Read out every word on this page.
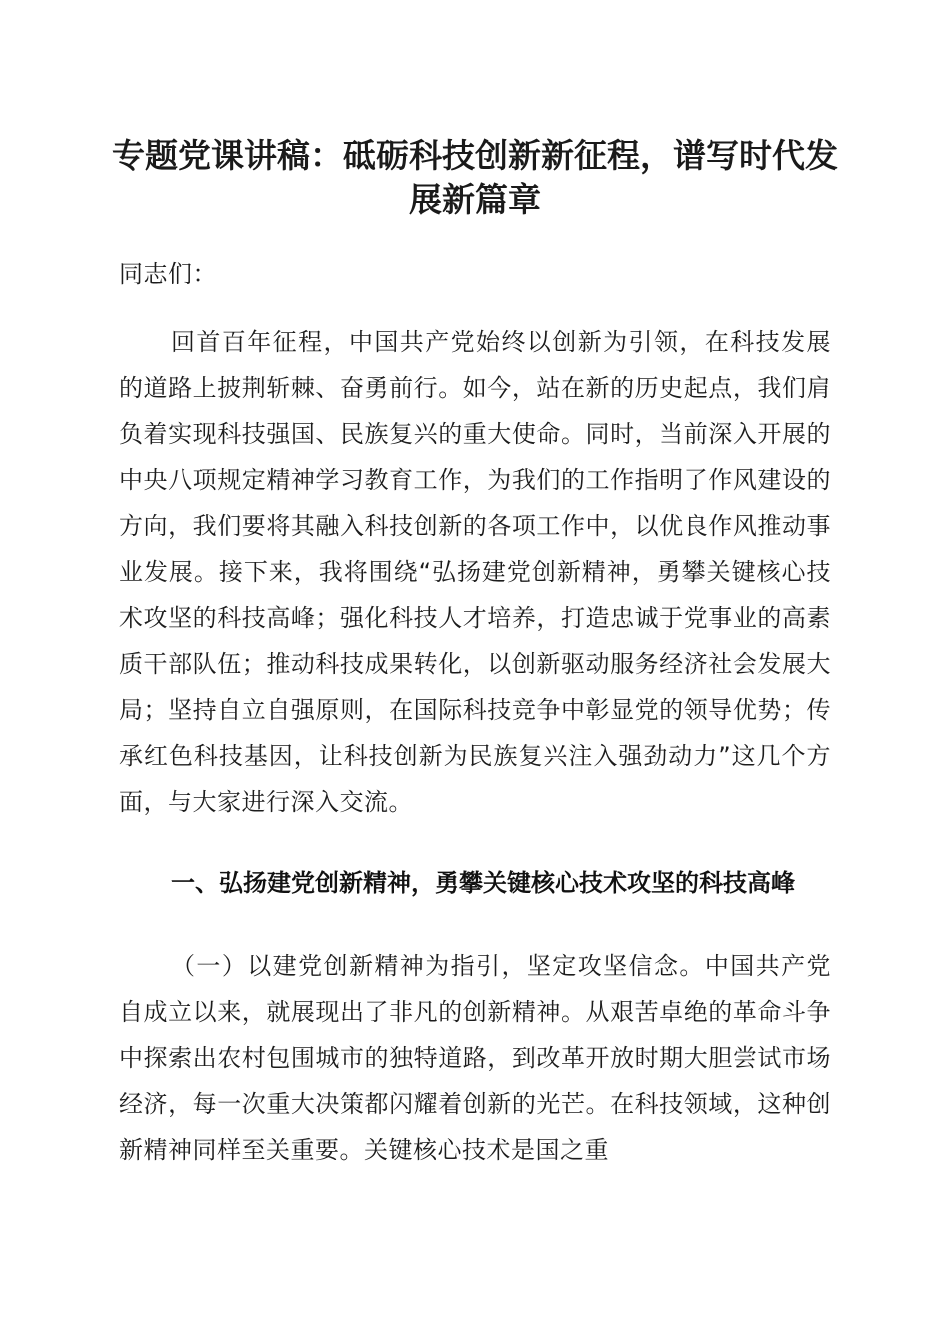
专题党课讲稿：砥砺科技创新新征程，谱写时代发展新篇章

同志们：

回首百年征程，中国共产党始终以创新为引领，在科技发展的道路上披荆斩棘、奋勇前行。如今，站在新的历史起点，我们肩负着实现科技强国、民族复兴的重大使命。同时，当前深入开展的中央八项规定精神学习教育工作，为我们的工作指明了作风建设的方向，我们要将其融入科技创新的各项工作中，以优良作风推动事业发展。接下来，我将围绕“弘扬建党创新精神，勇攀关键核心技术攻坚的科技高峰；强化科技人才培养，打造忠诚于党事业的高素质干部队伍；推动科技成果转化，以创新驱动服务经济社会发展大局；坚持自立自强原则，在国际科技竞争中彰显党的领导优势；传承红色科技基因，让科技创新为民族复兴注入强劲动力”这几个方面，与大家进行深入交流。

一、弘扬建党创新精神，勇攀关键核心技术攻坚的科技高峰

（一）以建党创新精神为指引，坚定攻坚信念。中国共产党自成立以来，就展现出了非凡的创新精神。从艰苦卓绝的革命斗争中探索出农村包围城市的独特道路，到改革开放时期大胆尝试市场经济，每一次重大决策都闪耀着创新的光芒。在科技领域，这种创新精神同样至关重要。关键核心技术是国之重
